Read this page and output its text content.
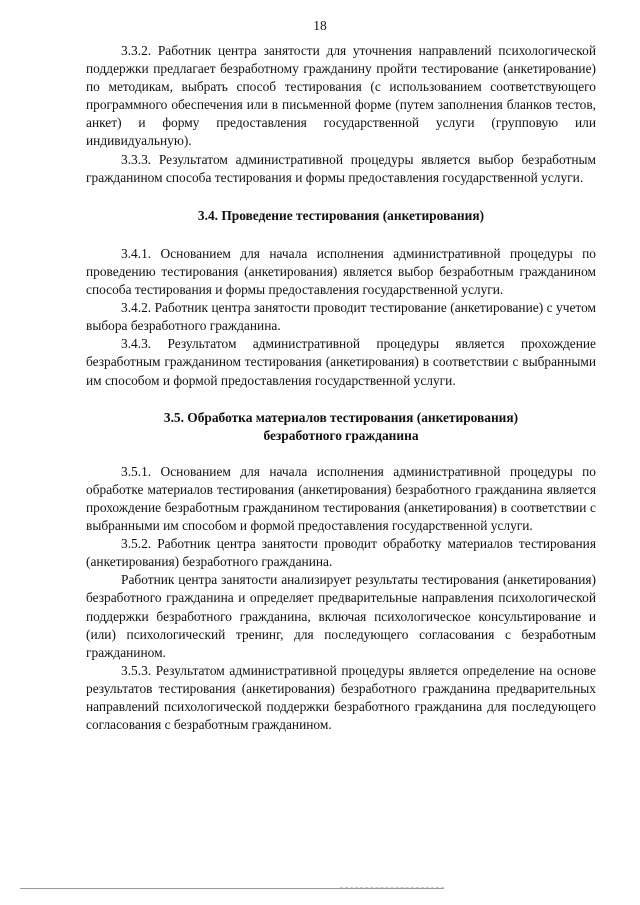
18

3.3.2. Работник центра занятости для уточнения направлений психологической поддержки предлагает безработному гражданину пройти тестирование (анкетирование) по методикам, выбрать способ тестирования (с использованием соответствующего программного обеспечения или в письменной форме (путем заполнения бланков тестов, анкет) и форму предоставления государственной услуги (групповую или индивидуальную).

3.3.3. Результатом административной процедуры является выбор безработным гражданином способа тестирования и формы предоставления государственной услуги.

3.4. Проведение тестирования (анкетирования)

3.4.1. Основанием для начала исполнения административной процедуры по проведению тестирования (анкетирования) является выбор безработным гражданином способа тестирования и формы предоставления государственной услуги.

3.4.2. Работник центра занятости проводит тестирование (анкетирование) с учетом выбора безработного гражданина.

3.4.3. Результатом административной процедуры является прохождение безработным гражданином тестирования (анкетирования) в соответствии с выбранными им способом и формой предоставления государственной услуги.

3.5. Обработка материалов тестирования (анкетирования)
безработного гражданина

3.5.1. Основанием для начала исполнения административной процедуры по обработке материалов тестирования (анкетирования) безработного гражданина является прохождение безработным гражданином тестирования (анкетирования) в соответствии с выбранными им способом и формой предоставления государственной услуги.

3.5.2. Работник центра занятости проводит обработку материалов тестирования (анкетирования) безработного гражданина.

Работник центра занятости анализирует результаты тестирования (анкетирования) безработного гражданина и определяет предварительные направления психологической поддержки безработного гражданина, включая психологическое консультирование и (или) психологический тренинг, для последующего согласования с безработным гражданином.

3.5.3. Результатом административной процедуры является определение на основе результатов тестирования (анкетирования) безработного гражданина предварительных направлений психологической поддержки безработного гражданина для последующего согласования с безработным гражданином.
